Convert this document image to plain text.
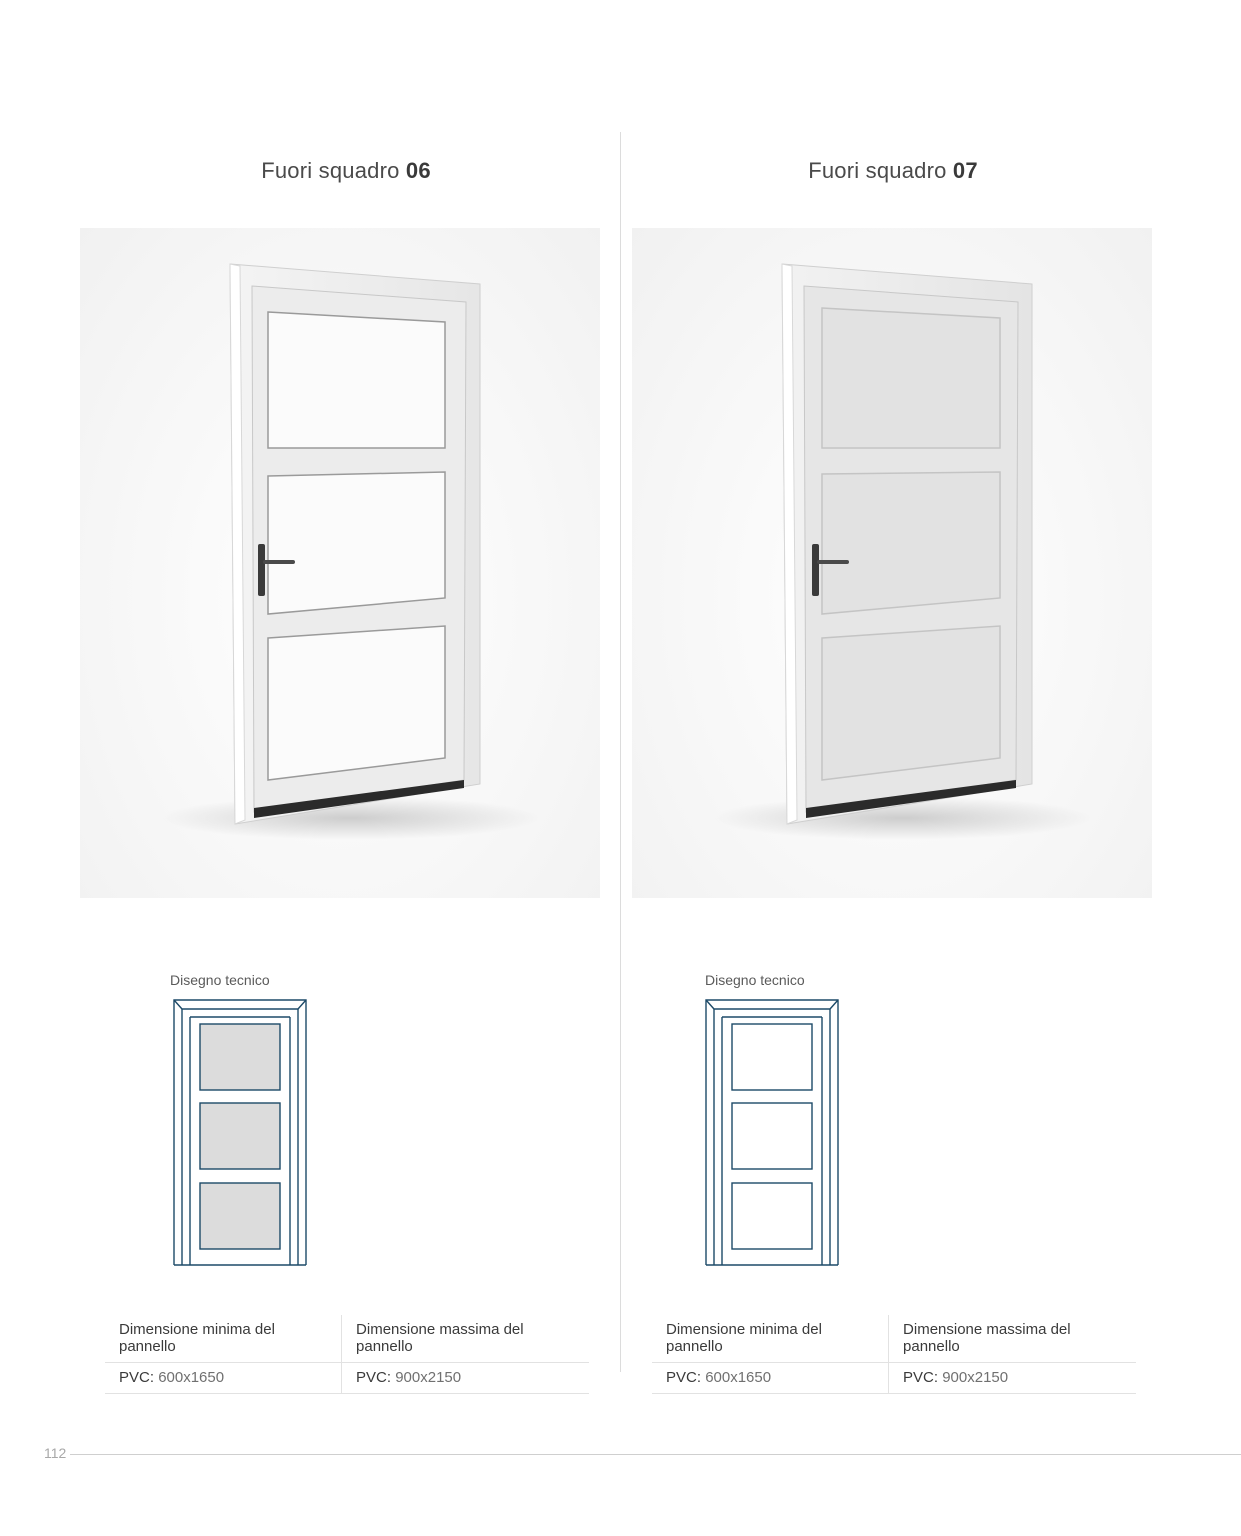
Fuori squadro 06
Disegno tecnico
Dimensione minima del pannello	Dimensione massima del pannello
PVC: 600x1650	PVC: 900x2150
Fuori squadro 07
Disegno tecnico
Dimensione minima del pannello	Dimensione massima del pannello
PVC: 600x1650	PVC: 900x2150
112
